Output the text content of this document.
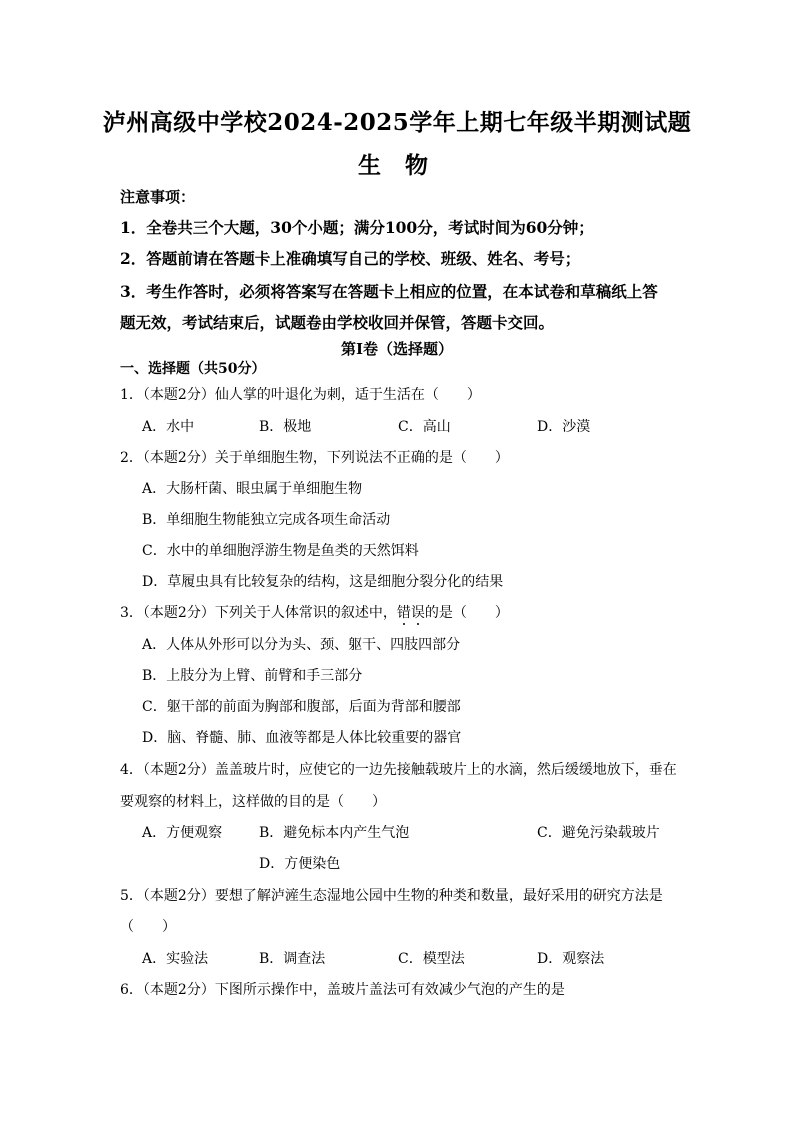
泸州高级中学校2024-2025学年上期七年级半期测试题
生 物
注意事项：
1．全卷共三个大题，30个小题；满分100分，考试时间为60分钟；
2．答题前请在答题卡上准确填写自己的学校、班级、姓名、考号；
3．考生作答时，必须将答案写在答题卡上相应的位置，在本试卷和草稿纸上答
题无效，考试结束后，试题卷由学校收回并保管，答题卡交回。
第Ⅰ卷（选择题）
一、选择题（共50分）
1．（本题2分）仙人掌的叶退化为刺，适于生活在（　　）
A．水中	B．极地	C．高山	D．沙漠
2．（本题2分）关于单细胞生物，下列说法不正确的是（　　）
A．大肠杆菌、眼虫属于单细胞生物
B．单细胞生物能独立完成各项生命活动
C．水中的单细胞浮游生物是鱼类的天然饵料
D．草履虫具有比较复杂的结构，这是细胞分裂分化的结果
3．（本题2分）下列关于人体常识的叙述中，错误的是（　　）
A．人体从外形可以分为头、颈、躯干、四肢四部分
B．上肢分为上臂、前臂和手三部分
C．躯干部的前面为胸部和腹部，后面为背部和腰部
D．脑、脊髓、肺、血液等都是人体比较重要的器官
4．（本题2分）盖盖玻片时，应使它的一边先接触载玻片上的水滴，然后缓缓地放下，垂在
要观察的材料上，这样做的目的是（　　）
A．方便观察	B．避免标本内产生气泡	C．避免污染载玻片
D．方便染色
5．（本题2分）要想了解泸滻生态湿地公园中生物的种类和数量，最好采用的研究方法是
（　　）
A．实验法	B．调查法	C．模型法	D．观察法
6．（本题2分）下图所示操作中，盖玻片盖法可有效减少气泡的产生的是
